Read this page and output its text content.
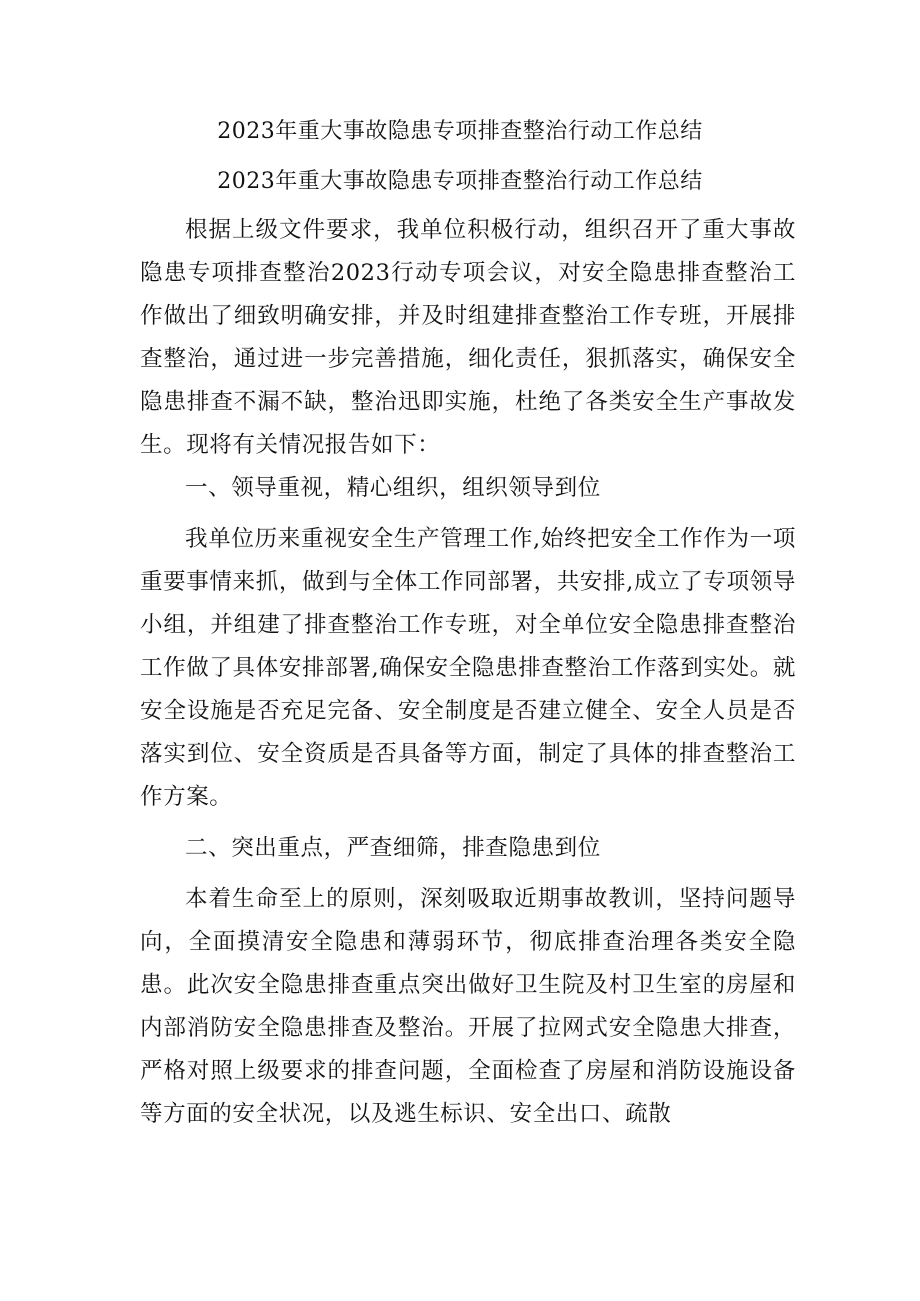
2023年重大事故隐患专项排查整治行动工作总结
2023年重大事故隐患专项排查整治行动工作总结

根据上级文件要求，我单位积极行动，组织召开了重大事故隐患专项排查整治2023行动专项会议，对安全隐患排查整治工作做出了细致明确安排，并及时组建排查整治工作专班，开展排查整治，通过进一步完善措施，细化责任，狠抓落实，确保安全隐患排查不漏不缺，整治迅即实施，杜绝了各类安全生产事故发生。现将有关情况报告如下：

一、领导重视，精心组织，组织领导到位

我单位历来重视安全生产管理工作,始终把安全工作作为一项重要事情来抓，做到与全体工作同部署，共安排,成立了专项领导小组，并组建了排查整治工作专班，对全单位安全隐患排查整治工作做了具体安排部署,确保安全隐患排查整治工作落到实处。就安全设施是否充足完备、安全制度是否建立健全、安全人员是否落实到位、安全资质是否具备等方面，制定了具体的排查整治工作方案。

二、突出重点，严查细筛，排查隐患到位

本着生命至上的原则，深刻吸取近期事故教训，坚持问题导向，全面摸清安全隐患和薄弱环节，彻底排查治理各类安全隐患。此次安全隐患排查重点突出做好卫生院及村卫生室的房屋和内部消防安全隐患排查及整治。开展了拉网式安全隐患大排查，严格对照上级要求的排查问题，全面检查了房屋和消防设施设备等方面的安全状况，以及逃生标识、安全出口、疏散
